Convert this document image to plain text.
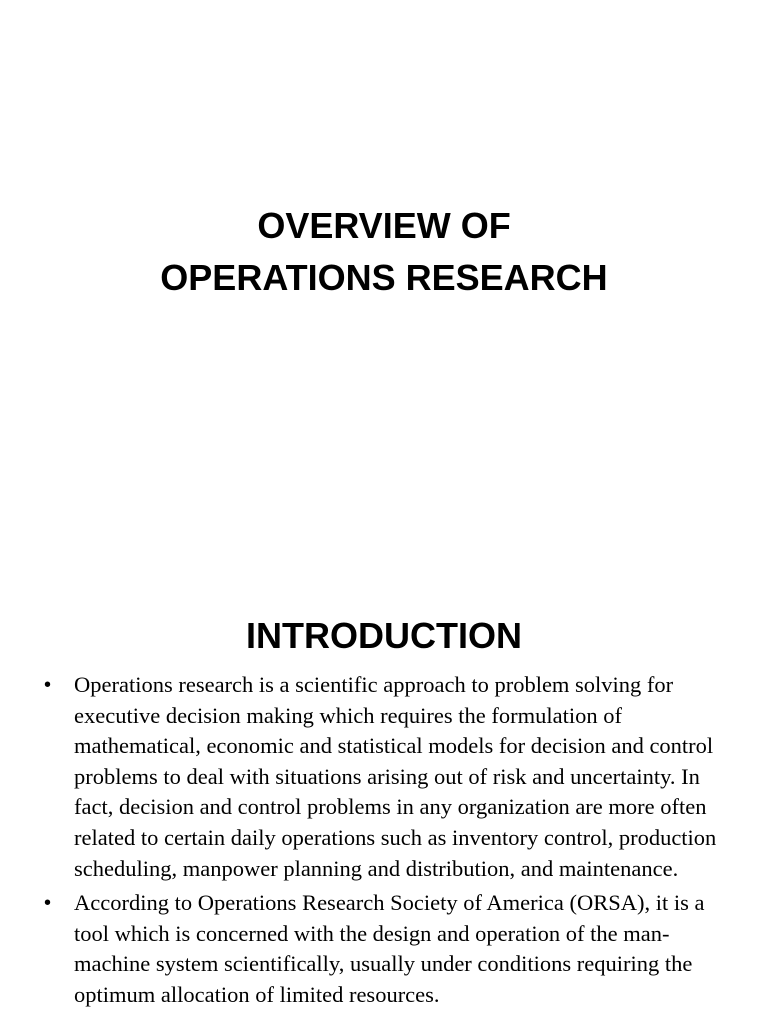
OVERVIEW OF
OPERATIONS RESEARCH
INTRODUCTION
• Operations research is a scientific approach to problem solving for executive decision making which requires the formulation of mathematical, economic and statistical models for decision and control problems to deal with situations arising out of risk and uncertainty. In fact, decision and control problems in any organization are more often related to certain daily operations such as inventory control, production scheduling, manpower planning and distribution, and maintenance.
• According to Operations Research Society of America (ORSA), it is a tool which is concerned with the design and operation of the man-machine system scientifically, usually under conditions requiring the optimum allocation of limited resources.
